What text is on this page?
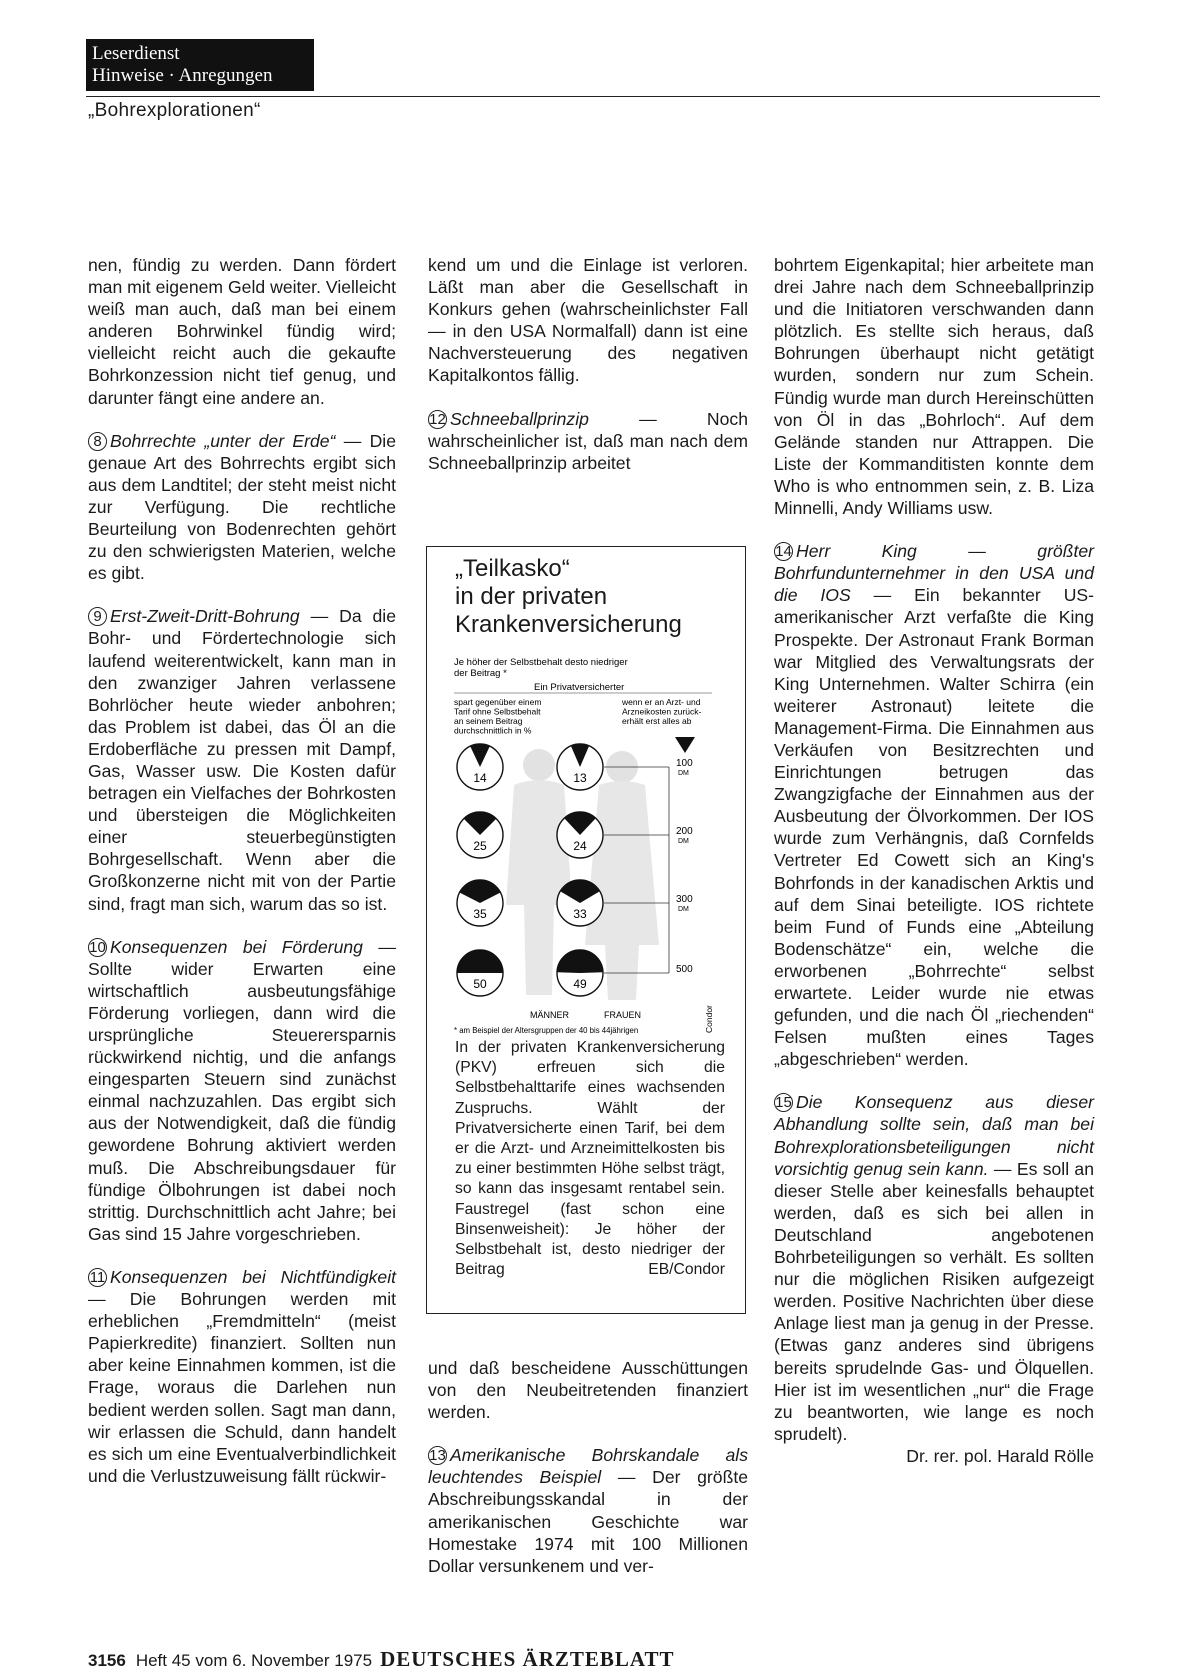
Leserdienst
Hinweise · Anregungen
„Bohrexplorationen“

nen, fündig zu werden. Dann fördert man mit eigenem Geld weiter. Vielleicht weiß man auch, daß man bei einem anderen Bohrwinkel fündig wird; vielleicht reicht auch die gekaufte Bohrkonzession nicht tief genug, und darunter fängt eine andere an.

8 Bohrrechte „unter der Erde“ — Die genaue Art des Bohrrechts ergibt sich aus dem Landtitel; der steht meist nicht zur Verfügung. Die rechtliche Beurteilung von Bodenrechten gehört zu den schwierigsten Materien, welche es gibt.

9 Erst-Zweit-Dritt-Bohrung — Da die Bohr- und Fördertechnologie sich laufend weiterentwickelt, kann man in den zwanziger Jahren verlassene Bohrlöcher heute wieder anbohren; das Problem ist dabei, das Öl an die Erdoberfläche zu pressen mit Dampf, Gas, Wasser usw. Die Kosten dafür betragen ein Vielfaches der Bohrkosten und übersteigen die Möglichkeiten einer steuerbegünstigten Bohrgesellschaft. Wenn aber die Großkonzerne nicht mit von der Partie sind, fragt man sich, warum das so ist.

10 Konsequenzen bei Förderung — Sollte wider Erwarten eine wirtschaftlich ausbeutungsfähige Förderung vorliegen, dann wird die ursprüngliche Steuerersparnis rückwirkend nichtig, und die anfangs eingesparten Steuern sind zunächst einmal nachzuzahlen. Das ergibt sich aus der Notwendigkeit, daß die fündig gewordene Bohrung aktiviert werden muß. Die Abschreibungsdauer für fündige Ölbohrungen ist dabei noch strittig. Durchschnittlich acht Jahre; bei Gas sind 15 Jahre vorgeschrieben.

11 Konsequenzen bei Nichtfündigkeit — Die Bohrungen werden mit erheblichen „Fremdmitteln“ (meist Papierkredite) finanziert. Sollten nun aber keine Einnahmen kommen, ist die Frage, woraus die Darlehen nun bedient werden sollen. Sagt man dann, wir erlassen die Schuld, dann handelt es sich um eine Eventualverbindlichkeit und die Verlustzuweisung fällt rückwir-

kend um und die Einlage ist verloren. Läßt man aber die Gesellschaft in Konkurs gehen (wahrscheinlichster Fall — in den USA Normalfall) dann ist eine Nachversteuerung des negativen Kapitalkontos fällig.

12 Schneeballprinzip	— Noch wahrscheinlicher ist, daß man nach dem Schneeballprinzip arbeitet

„Teilkasko“
in der privaten
Krankenversicherung
Je höher der Selbstbehalt desto niedriger
der Beitrag *
Ein Privatversicherter
spart gegenüber einem
Tarif ohne Selbstbehalt
an seinem Beitrag
durchschnittlich in %
wenn er an Arzt- und
Arzneikosten zurück-
erhält erst alles ab
14	13
100
DM
25	24
200
DM
35	33
300
DM
50	49
500
MÄNNER	FRAUEN
* am Beispiel der Altersgruppen der 40 bis 44jährigen	Condor
In der privaten Krankenversicherung (PKV) erfreuen sich die Selbstbehalttarife eines wachsenden Zuspruchs. Wählt der Privatversicherte einen Tarif, bei dem er die Arzt- und Arzneimittelkosten bis zu einer bestimmten Höhe selbst trägt, so kann das insgesamt rentabel sein. Faustregel (fast schon eine Binsenweisheit): Je höher der Selbstbehalt ist, desto niedriger der Beitrag	EB/Condor

und daß bescheidene Ausschüttungen von den Neubeitretenden finanziert werden.

13 Amerikanische Bohrskandale als leuchtendes Beispiel — Der größte Abschreibungsskandal in der amerikanischen Geschichte war Homestake 1974 mit 100 Millionen Dollar versunkenem und ver-

bohrtem Eigenkapital; hier arbeitete man drei Jahre nach dem Schneeballprinzip und die Initiatoren verschwanden dann plötzlich. Es stellte sich heraus, daß Bohrungen überhaupt nicht getätigt wurden, sondern nur zum Schein. Fündig wurde man durch Hereinschütten von Öl in das „Bohrloch“. Auf dem Gelände standen nur Attrappen. Die Liste der Kommanditisten konnte dem Who is who entnommen sein, z. B. Liza Minnelli, Andy Williams usw.

14 Herr King — größter Bohrfundunternehmer in den USA und die IOS — Ein bekannter US-amerikanischer Arzt verfaßte die King Prospekte. Der Astronaut Frank Borman war Mitglied des Verwaltungsrats der King Unternehmen. Walter Schirra (ein weiterer Astronaut) leitete die Management-Firma. Die Einnahmen aus Verkäufen von Besitzrechten und Einrichtungen betrugen das Zwangzigfache der Einnahmen aus der Ausbeutung der Ölvorkommen. Der IOS wurde zum Verhängnis, daß Cornfelds Vertreter Ed Cowett sich an King's Bohrfonds in der kanadischen Arktis und auf dem Sinai beteiligte. IOS richtete beim Fund of Funds eine „Abteilung Bodenschätze“ ein, welche die erworbenen „Bohrrechte“ selbst erwartete. Leider wurde nie etwas gefunden, und die nach Öl „riechenden“ Felsen mußten eines Tages „abgeschrieben“ werden.

15 Die Konsequenz aus dieser Abhandlung sollte sein, daß man bei Bohrexplorationsbeteiligungen nicht vorsichtig genug sein kann. — Es soll an dieser Stelle aber keinesfalls behauptet werden, daß es sich bei allen in Deutschland angebotenen Bohrbeteiligungen so verhält. Es sollten nur die möglichen Risiken aufgezeigt werden. Positive Nachrichten über diese Anlage liest man ja genug in der Presse. (Etwas ganz anderes sind übrigens bereits sprudelnde Gas- und Ölquellen. Hier ist im wesentlichen „nur“ die Frage zu beantworten, wie lange es noch sprudelt).

Dr. rer. pol. Harald Rölle
3156 Heft 45 vom 6. November 1975 DEUTSCHES ÄRZTEBLATT
